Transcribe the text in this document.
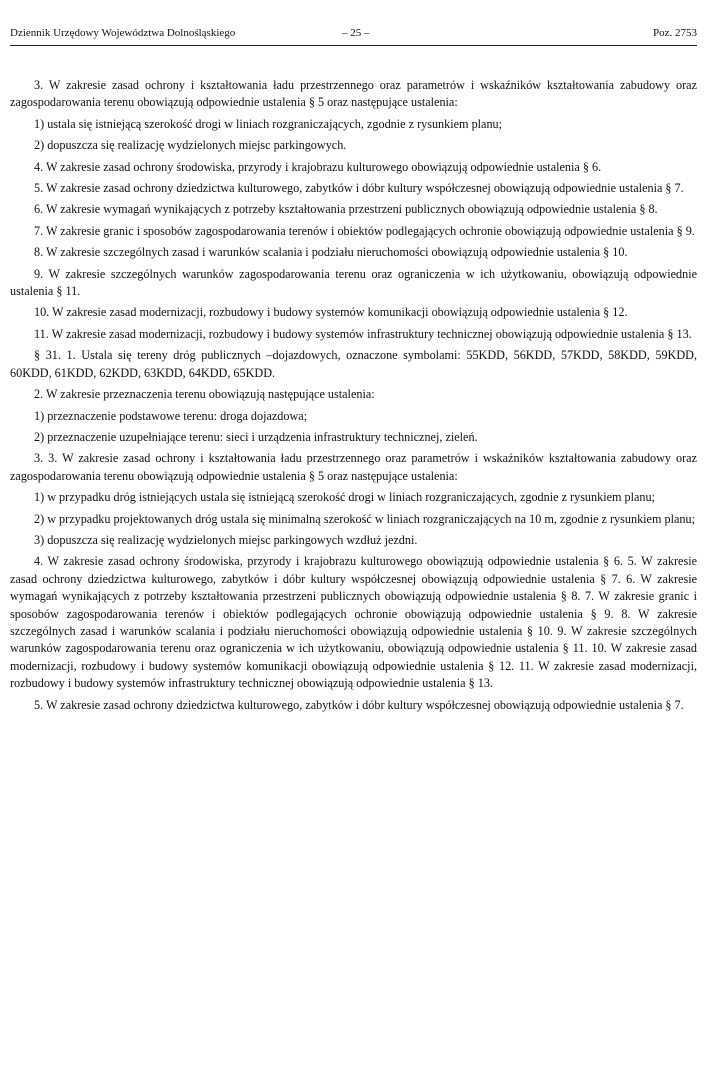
Dziennik Urzędowy Województwa Dolnośląskiego	– 25 –	Poz. 2753

3. W zakresie zasad ochrony i kształtowania ładu przestrzennego oraz parametrów i wskaźników kształtowania zabudowy oraz zagospodarowania terenu obowiązują odpowiednie ustalenia § 5 oraz następujące ustalenia:

1) ustala się istniejącą szerokość drogi w liniach rozgraniczających, zgodnie z rysunkiem planu;

2) dopuszcza się realizację wydzielonych miejsc parkingowych.

4. W zakresie zasad ochrony środowiska, przyrody i krajobrazu kulturowego obowiązują odpowiednie ustalenia § 6.

5. W zakresie zasad ochrony dziedzictwa kulturowego, zabytków i dóbr kultury współczesnej obowiązują odpowiednie ustalenia § 7.

6. W zakresie wymagań wynikających z potrzeby kształtowania przestrzeni publicznych obowiązują odpowiednie ustalenia § 8.

7. W zakresie granic i sposobów zagospodarowania terenów i obiektów podlegających ochronie obowiązują odpowiednie ustalenia § 9.

8. W zakresie szczególnych zasad i warunków scalania i podziału nieruchomości obowiązują odpowiednie ustalenia § 10.

9. W zakresie szczególnych warunków zagospodarowania terenu oraz ograniczenia w ich użytkowaniu, obowiązują odpowiednie ustalenia § 11.

10. W zakresie zasad modernizacji, rozbudowy i budowy systemów komunikacji obowiązują odpowiednie ustalenia § 12.

11. W zakresie zasad modernizacji, rozbudowy i budowy systemów infrastruktury technicznej obowiązują odpowiednie ustalenia § 13.

§ 31. 1. Ustala się tereny dróg publicznych –dojazdowych, oznaczone symbolami: 55KDD, 56KDD, 57KDD, 58KDD, 59KDD, 60KDD, 61KDD, 62KDD, 63KDD, 64KDD, 65KDD.

2. W zakresie przeznaczenia terenu obowiązują następujące ustalenia:

1) przeznaczenie podstawowe terenu: droga dojazdowa;

2) przeznaczenie uzupełniające terenu: sieci i urządzenia infrastruktury technicznej, zieleń.

3. 3. W zakresie zasad ochrony i kształtowania ładu przestrzennego oraz parametrów i wskaźników kształtowania zabudowy oraz zagospodarowania terenu obowiązują odpowiednie ustalenia § 5 oraz następujące ustalenia:

1) w przypadku dróg istniejących ustala się istniejącą szerokość drogi w liniach rozgraniczających, zgodnie z rysunkiem planu;

2) w przypadku projektowanych dróg ustala się minimalną szerokość w liniach rozgraniczających na 10 m, zgodnie z rysunkiem planu;

3) dopuszcza się realizację wydzielonych miejsc parkingowych wzdłuż jezdni.

4. W zakresie zasad ochrony środowiska, przyrody i krajobrazu kulturowego obowiązują odpowiednie ustalenia § 6. 5. W zakresie zasad ochrony dziedzictwa kulturowego, zabytków i dóbr kultury współczesnej obowiązują odpowiednie ustalenia § 7. 6. W zakresie wymagań wynikających z potrzeby kształtowania przestrzeni publicznych obowiązują odpowiednie ustalenia § 8. 7. W zakresie granic i sposobów zagospodarowania terenów i obiektów podlegających ochronie obowiązują odpowiednie ustalenia § 9. 8. W zakresie szczególnych zasad i warunków scalania i podziału nieruchomości obowiązują odpowiednie ustalenia § 10. 9. W zakresie szczególnych warunków zagospodarowania terenu oraz ograniczenia w ich użytkowaniu, obowiązują odpowiednie ustalenia § 11. 10. W zakresie zasad modernizacji, rozbudowy i budowy systemów komunikacji obowiązują odpowiednie ustalenia § 12. 11. W zakresie zasad modernizacji, rozbudowy i budowy systemów infrastruktury technicznej obowiązują odpowiednie ustalenia § 13.

5. W zakresie zasad ochrony dziedzictwa kulturowego, zabytków i dóbr kultury współczesnej obowiązują odpowiednie ustalenia § 7.
